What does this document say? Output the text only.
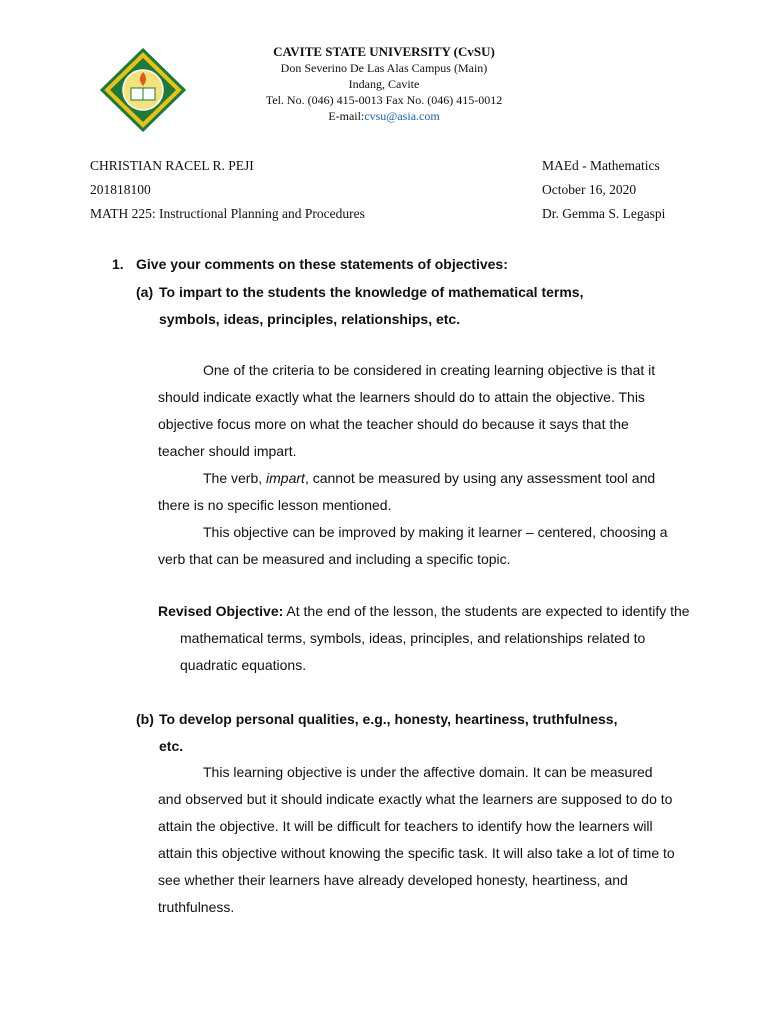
CAVITE STATE UNIVERSITY (CvSU)
Don Severino De Las Alas Campus (Main)
Indang, Cavite
Tel. No. (046) 415-0013 Fax No. (046) 415-0012
E-mail:cvsu@asia.com
CHRISTIAN RACEL R. PEJI	MAEd - Mathematics
201818100	October 16, 2020
MATH 225: Instructional Planning and Procedures	Dr. Gemma S. Legaspi
1. Give your comments on these statements of objectives:
(a) To impart to the students the knowledge of mathematical terms,
symbols, ideas, principles, relationships, etc.

One of the criteria to be considered in creating learning objective is that it should indicate exactly what the learners should do to attain the objective. This objective focus more on what the teacher should do because it says that the teacher should impart.

The verb, impart, cannot be measured by using any assessment tool and there is no specific lesson mentioned.

This objective can be improved by making it learner – centered, choosing a verb that can be measured and including a specific topic.

Revised Objective: At the end of the lesson, the students are expected to identify the mathematical terms, symbols, ideas, principles, and relationships related to quadratic equations.

(b) To develop personal qualities, e.g., honesty, heartiness, truthfulness,
etc.

This learning objective is under the affective domain. It can be measured and observed but it should indicate exactly what the learners are supposed to do to attain the objective. It will be difficult for teachers to identify how the learners will attain this objective without knowing the specific task. It will also take a lot of time to see whether their learners have already developed honesty, heartiness, and truthfulness.
